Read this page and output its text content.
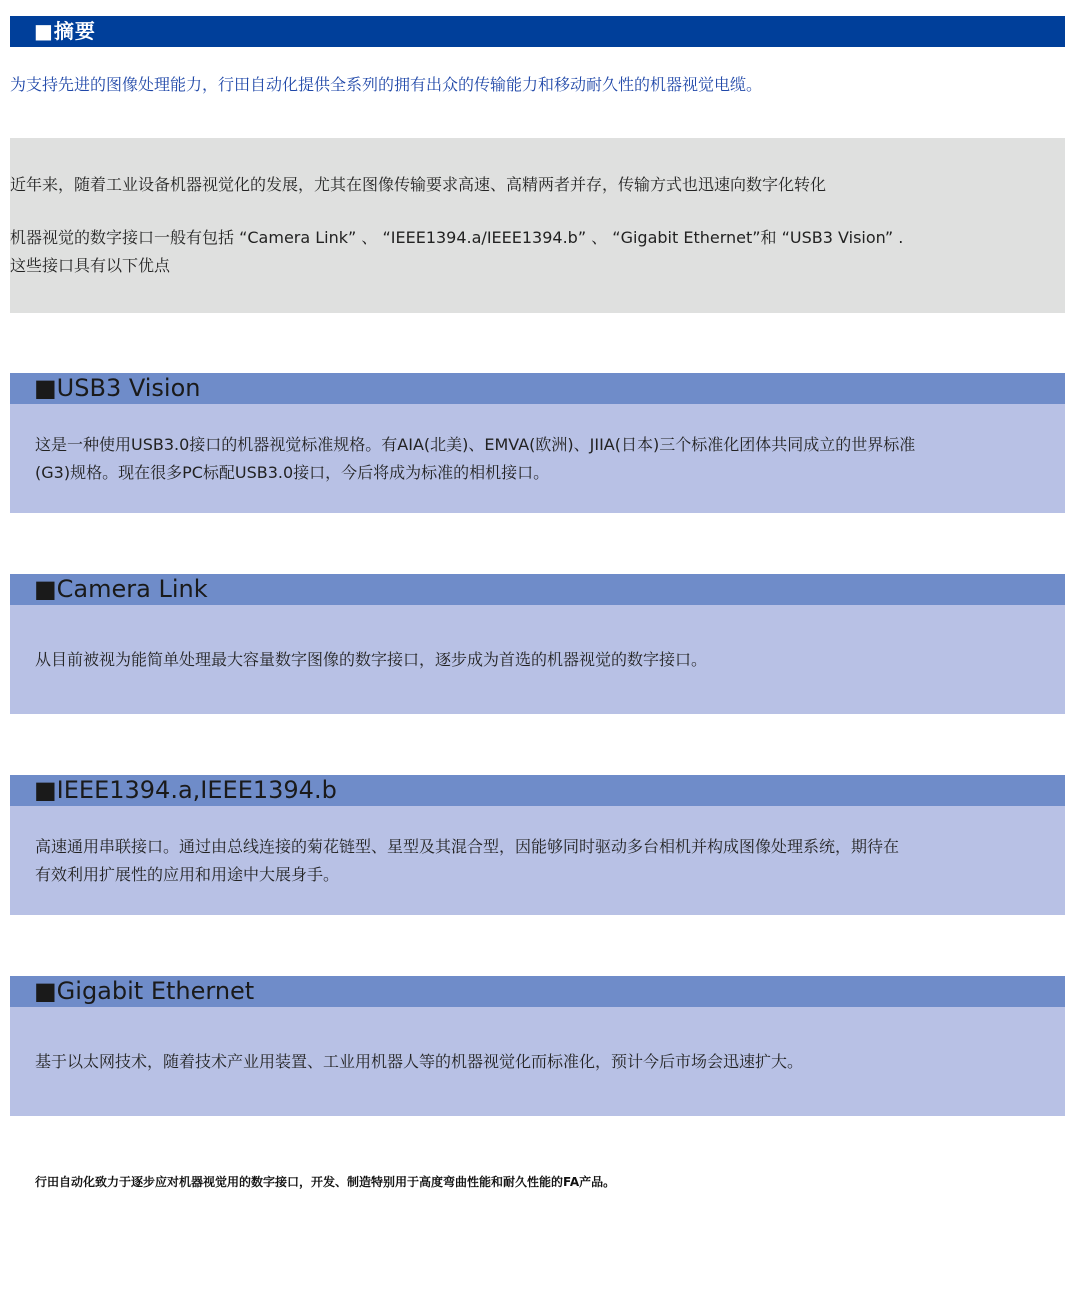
■摘要
为支持先进的图像处理能力，行田自动化提供全系列的拥有出众的传输能力和移动耐久性的机器视觉电缆。

近年来，随着工业设备机器视觉化的发展，尤其在图像传输要求高速、高精两者并存，传输方式也迅速向数字化转化

机器视觉的数字接口一般有包括 “Camera Link” 、 “IEEE1394.a/IEEE1394.b” 、 “Gigabit Ethernet”和 “USB3 Vision” .
这些接口具有以下优点

■USB3 Vision

这是一种使用USB3.0接口的机器视觉标准规格。有AIA(北美)、EMVA(欧洲)、JIIA(日本)三个标准化团体共同成立的世界标准
(G3)规格。现在很多PC标配USB3.0接口，今后将成为标准的相机接口。

■Camera Link

从目前被视为能简单处理最大容量数字图像的数字接口，逐步成为首选的机器视觉的数字接口。

■IEEE1394.a,IEEE1394.b

高速通用串联接口。通过由总线连接的菊花链型、星型及其混合型，因能够同时驱动多台相机并构成图像处理系统，期待在
有效利用扩展性的应用和用途中大展身手。

■Gigabit Ethernet

基于以太网技术，随着技术产业用装置、工业用机器人等的机器视觉化而标准化，预计今后市场会迅速扩大。

行田自动化致力于逐步应对机器视觉用的数字接口，开发、制造特别用于高度弯曲性能和耐久性能的FA产品。
